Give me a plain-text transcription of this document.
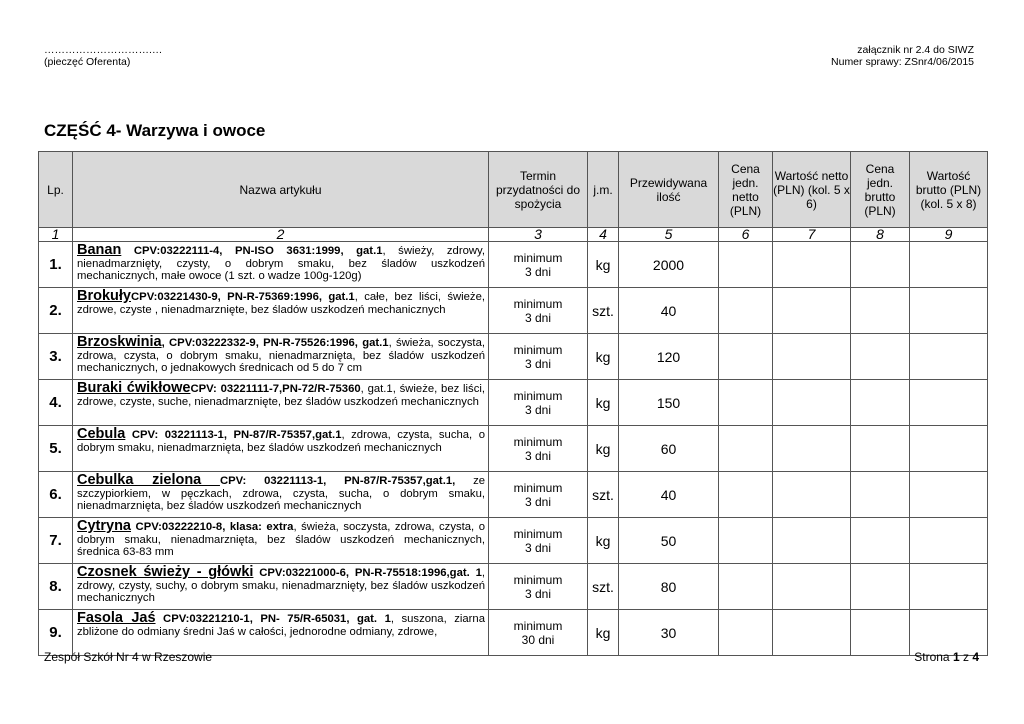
………………………….…
(pieczęć Oferenta)
załącznik nr 2.4 do SIWZ
Numer sprawy: ZSnr4/06/2015
CZĘŚĆ 4- Warzywa i owoce
Lp.	Nazwa artykułu	Termin przydatności do spożycia	j.m.	Przewidywana ilość	Cena jedn. netto (PLN)	Wartość netto (PLN) (kol. 5 x 6)	Cena jedn. brutto (PLN)	Wartość brutto (PLN) (kol. 5 x 8)
1	2	3	4	5	6	7	8	9
1.	Banan CPV:03222111-4, PN-ISO 3631:1999, gat.1, świeży, zdrowy, nienadmarznięty, czysty, o dobrym smaku, bez śladów uszkodzeń mechanicznych, małe owoce (1 szt. o wadze 100g-120g)	minimum
3 dni	kg	2000				
2.	BrokułyCPV:03221430-9, PN-R-75369:1996, gat.1, całe, bez liści, świeże, zdrowe, czyste , nienadmarznięte, bez śladów uszkodzeń mechanicznych	minimum
3 dni	szt.	40				
3.	Brzoskwinia, CPV:03222332-9, PN-R-75526:1996, gat.1, świeża, soczysta, zdrowa, czysta, o dobrym smaku, nienadmarznięta, bez śladów uszkodzeń mechanicznych, o jednakowych średnicach od 5 do 7 cm	minimum
3 dni	kg	120				
4.	Buraki ćwikłoweCPV: 03221111-7,PN-72/R-75360, gat.1, świeże, bez liści, zdrowe, czyste, suche, nienadmarznięte, bez śladów uszkodzeń mechanicznych	minimum
3 dni	kg	150				
5.	Cebula CPV: 03221113-1, PN-87/R-75357,gat.1, zdrowa, czysta, sucha, o dobrym smaku, nienadmarznięta, bez śladów uszkodzeń mechanicznych	minimum
3 dni	kg	60				
6.	Cebulka zielona CPV: 03221113-1, PN-87/R-75357,gat.1, ze szczypiorkiem, w pęczkach, zdrowa, czysta, sucha, o dobrym smaku, nienadmarznięta, bez śladów uszkodzeń mechanicznych	minimum
3 dni	szt.	40				
7.	Cytryna CPV:03222210-8, klasa: extra, świeża, soczysta, zdrowa, czysta, o dobrym smaku, nienadmarznięta, bez śladów uszkodzeń mechanicznych, średnica 63-83 mm	minimum
3 dni	kg	50				
8.	Czosnek świeży - główki CPV:03221000-6, PN-R-75518:1996,gat. 1, zdrowy, czysty, suchy, o dobrym smaku, nienadmarznięty, bez śladów uszkodzeń mechanicznych	minimum
3 dni	szt.	80				
9.	Fasola Jaś CPV:03221210-1, PN- 75/R-65031, gat. 1, suszona, ziarna zbliżone do odmiany średni Jaś w całości, jednorodne odmiany, zdrowe,	minimum
30 dni	kg	30				
Zespół Szkół Nr 4 w Rzeszowie	Strona 1 z 4
